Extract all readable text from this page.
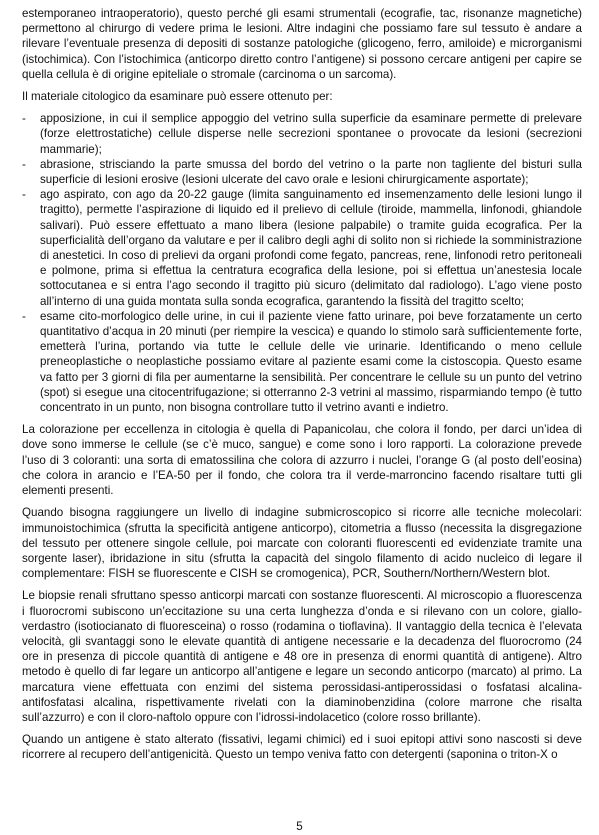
estemporaneo intraoperatorio), questo perché gli esami strumentali (ecografie, tac, risonanze magnetiche) permettono al chirurgo di vedere prima le lesioni. Altre indagini che possiamo fare sul tessuto è andare a rilevare l’eventuale presenza di depositi di sostanze patologiche (glicogeno, ferro, amiloide) e microrganismi (istochimica). Con l’istochimica (anticorpo diretto contro l’antigene) si possono cercare antigeni per capire se quella cellula è di origine epiteliale o stromale (carcinoma o un sarcoma).

Il materiale citologico da esaminare può essere ottenuto per:

- apposizione, in cui il semplice appoggio del vetrino sulla superficie da esaminare permette di prelevare (forze elettrostatiche) cellule disperse nelle secrezioni spontanee o provocate da lesioni (secrezioni mammarie);
- abrasione, strisciando la parte smussa del bordo del vetrino o la parte non tagliente del bisturi sulla superficie di lesioni erosive (lesioni ulcerate del cavo orale e lesioni chirurgicamente asportate);
- ago aspirato, con ago da 20-22 gauge (limita sanguinamento ed insemenzamento delle lesioni lungo il tragitto), permette l’aspirazione di liquido ed il prelievo di cellule (tiroide, mammella, linfonodi, ghiandole salivari). Può essere effettuato a mano libera (lesione palpabile) o tramite guida ecografica. Per la superficialità dell’organo da valutare e per il calibro degli aghi di solito non si richiede la somministrazione di anestetici. In coso di prelievi da organi profondi come fegato, pancreas, rene, linfonodi retro peritoneali e polmone, prima si effettua la centratura ecografica della lesione, poi si effettua un’anestesia locale sottocutanea e si entra l’ago secondo il tragitto più sicuro (delimitato dal radiologo). L’ago viene posto all’interno di una guida montata sulla sonda ecografica, garantendo la fissità del tragitto scelto;
- esame cito-morfologico delle urine, in cui il paziente viene fatto urinare, poi beve forzatamente un certo quantitativo d’acqua in 20 minuti (per riempire la vescica) e quando lo stimolo sarà sufficientemente forte, emetterà l’urina, portando via tutte le cellule delle vie urinarie. Identificando o meno cellule preneoplastiche o neoplastiche possiamo evitare al paziente esami come la cistoscopia. Questo esame va fatto per 3 giorni di fila per aumentarne la sensibilità. Per concentrare le cellule su un punto del vetrino (spot) si esegue una citocentrifugazione; si otterranno 2-3 vetrini al massimo, risparmiando tempo (è tutto concentrato in un punto, non bisogna controllare tutto il vetrino avanti e indietro.

La colorazione per eccellenza in citologia è quella di Papanicolau, che colora il fondo, per darci un’idea di dove sono immerse le cellule (se c’è muco, sangue) e come sono i loro rapporti. La colorazione prevede l’uso di 3 coloranti: una sorta di ematossilina che colora di azzurro i nuclei, l’orange G (al posto dell’eosina) che colora in arancio e l’EA-50 per il fondo, che colora tra il verde-marroncino facendo risaltare tutti gli elementi presenti.

Quando bisogna raggiungere un livello di indagine submicroscopico si ricorre alle tecniche molecolari: immunoistochimica (sfrutta la specificità antigene anticorpo), citometria a flusso (necessita la disgregazione del tessuto per ottenere singole cellule, poi marcate con coloranti fluorescenti ed evidenziate tramite una sorgente laser), ibridazione in situ (sfrutta la capacità del singolo filamento di acido nucleico di legare il complementare: FISH se fluorescente e CISH se cromogenica), PCR, Southern/Northern/Western blot.

Le biopsie renali sfruttano spesso anticorpi marcati con sostanze fluorescenti. Al microscopio a fluorescenza i fluorocromi subiscono un’eccitazione su una certa lunghezza d’onda e si rilevano con un colore, giallo-verdastro (isotiocianato di fluoresceina) o rosso (rodamina o tioflavina). Il vantaggio della tecnica è l’elevata velocità, gli svantaggi sono le elevate quantità di antigene necessarie e la decadenza del fluorocromo (24 ore in presenza di piccole quantità di antigene e 48 ore in presenza di enormi quantità di antigene). Altro metodo è quello di far legare un anticorpo all’antigene e legare un secondo anticorpo (marcato) al primo. La marcatura viene effettuata con enzimi del sistema perossidasi-antiperossidasi o fosfatasi alcalina-antifosfatasi alcalina, rispettivamente rivelati con la diaminobenzidina (colore marrone che risalta sull’azzurro) e con il cloro-naftolo oppure con l’idrossi-indolacetico (colore rosso brillante).

Quando un antigene è stato alterato (fissativi, legami chimici) ed i suoi epitopi attivi sono nascosti si deve ricorrere al recupero dell’antigenicità. Questo un tempo veniva fatto con detergenti (saponina o triton-X o

5
